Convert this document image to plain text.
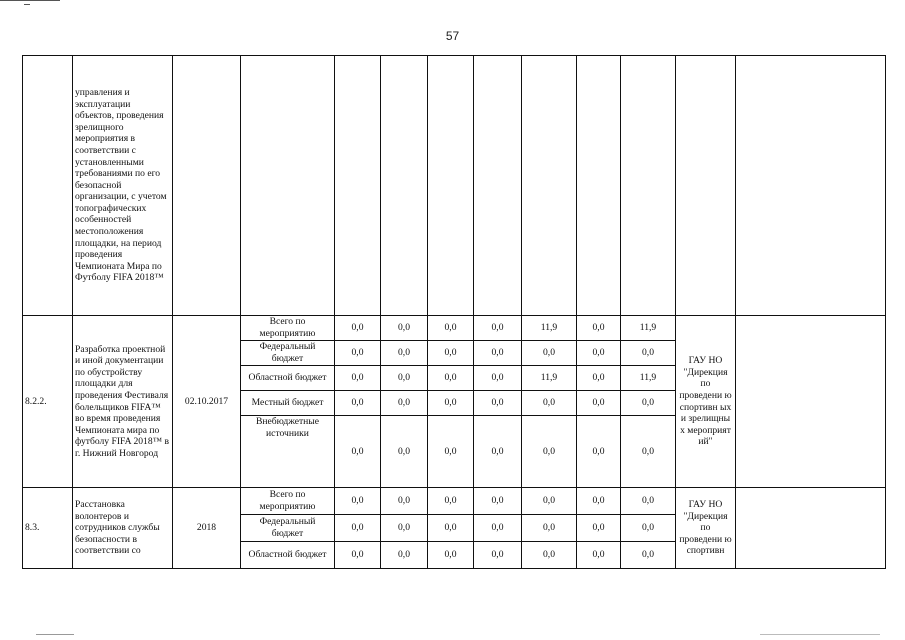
57
	управления и эксплуатации объектов, проведения зрелищного мероприятия в соответствии с установленными требованиями по его безопасной организации, с учетом топографических особенностей местоположения площадки, на период проведения Чемпионата Мира по Футболу FIFA 2018™											
8.2.2.	Разработка проектной и иной документации по обустройству площадки для проведения Фестиваля болельщиков FIFA™ во время проведения Чемпионата мира по футболу FIFA 2018™ в г. Нижний Новгород	02.10.2017	Всего по мероприятию	0,0	0,0	0,0	0,0	11,9	0,0	11,9	ГАУ НО "Дирекция по проведени ю спортивн ых и зрелищны х мероприят ий"	
			Федеральный бюджет	0,0	0,0	0,0	0,0	0,0	0,0	0,0		
			Областной бюджет	0,0	0,0	0,0	0,0	11,9	0,0	11,9		
			Местный бюджет	0,0	0,0	0,0	0,0	0,0	0,0	0,0		
			Внебюджетные источники	0,0	0,0	0,0	0,0	0,0	0,0	0,0		
8.3.	Расстановка волонтеров и сотрудников службы безопасности в соответствии со	2018	Всего по мероприятию	0,0	0,0	0,0	0,0	0,0	0,0	0,0	ГАУ НО "Дирекция по проведени ю спортивн	
			Федеральный бюджет	0,0	0,0	0,0	0,0	0,0	0,0	0,0		
			Областной бюджет	0,0	0,0	0,0	0,0	0,0	0,0	0,0		
